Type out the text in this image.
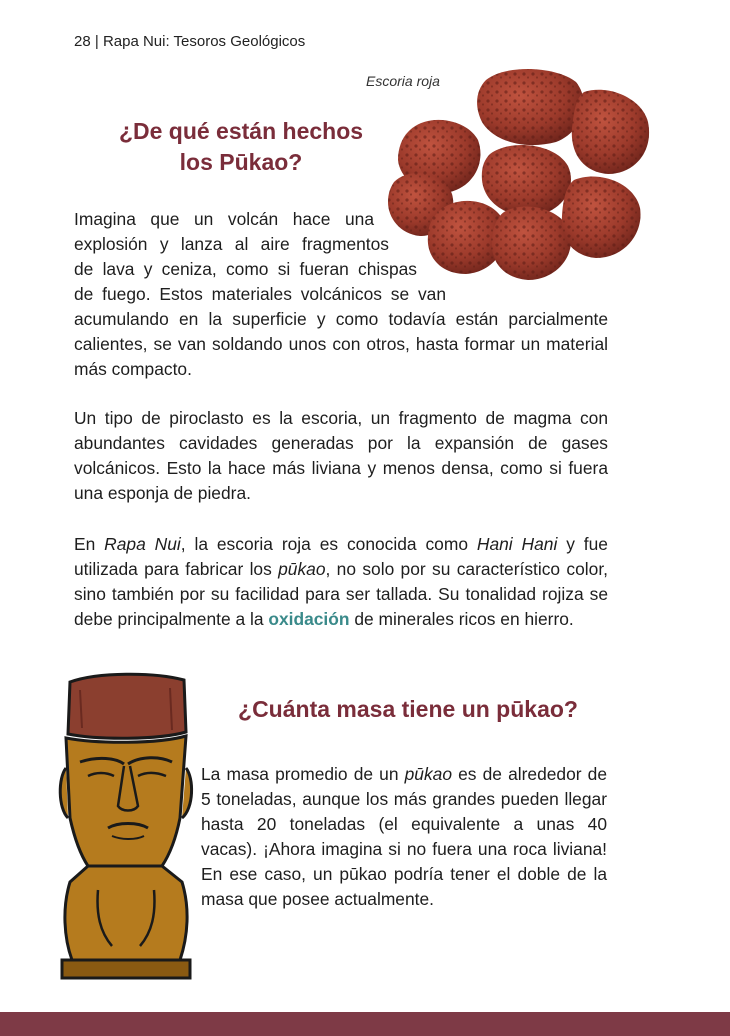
28 | Rapa Nui: Tesoros Geológicos
Escoria roja
¿De qué están hechos
los Pūkao?
Imagina que un volcán hace una
explosión y lanza al aire fragmentos
de lava y ceniza, como si fueran chispas
de fuego. Estos materiales volcánicos se van
acumulando en la superficie y como todavía están parcialmente calientes, se van soldando unos con otros, hasta formar un material más compacto.

Un tipo de piroclasto es la escoria, un fragmento de magma con abundantes cavidades generadas por la expansión de gases volcánicos. Esto la hace más liviana y menos densa, como si fuera una esponja de piedra.

En Rapa Nui, la escoria roja es conocida como Hani Hani y fue utilizada para fabricar los pūkao, no solo por su característico color, sino también por su facilidad para ser tallada. Su tonalidad rojiza se debe principalmente a la oxidación de minerales ricos en hierro.

¿Cuánta masa tiene un pūkao?

La masa promedio de un pūkao es de alrededor de 5 toneladas, aunque los más grandes pueden llegar hasta 20 toneladas (el equivalente a unas 40 vacas). ¡Ahora imagina si no fuera una roca liviana! En ese caso, un pūkao podría tener el doble de la masa que posee actualmente.
